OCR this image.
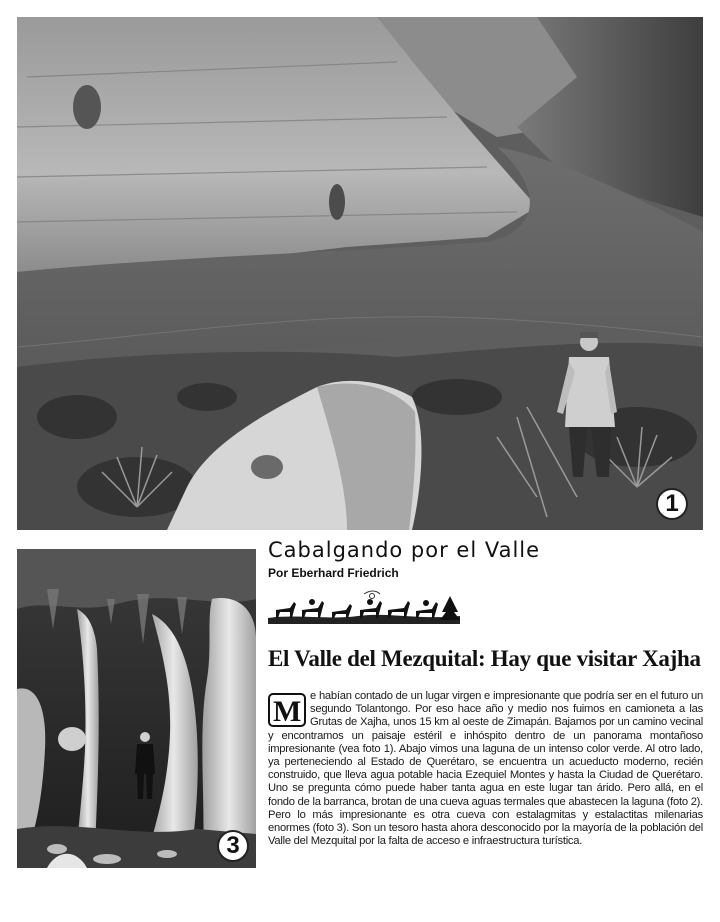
1
3
Cabalgando por el Valle

Por Eberhard Friedrich

El Valle del Mezquital: Hay que visitar Xajha

M e habían contado de un lugar virgen e impresionante que podría ser en el futuro un segundo Tolantongo. Por eso hace año y medio nos fuimos en camioneta a las Grutas de Xajha, unos 15 km al oeste de Zimapán. Bajamos por un camino vecinal y encontramos un paisaje estéril e inhóspito dentro de un panorama montañoso impresionante (vea foto 1). Abajo vimos una laguna de un intenso color verde. Al otro lado, ya perteneciendo al Estado de Querétaro, se encuentra un acueducto moderno, recién construido, que lleva agua potable hacia Ezequiel Montes y hasta la Ciudad de Querétaro. Uno se pregunta cómo puede haber tanta agua en este lugar tan árido. Pero allá, en el fondo de la barranca, brotan de una cueva aguas termales que abastecen la laguna (foto 2). Pero lo más impresionante es otra cueva con estalagmitas y estalactitas milenarias enormes (foto 3). Son un tesoro hasta ahora desconocido por la mayoría de la población del Valle del Mezquital por la falta de acceso e infraestructura turística.
